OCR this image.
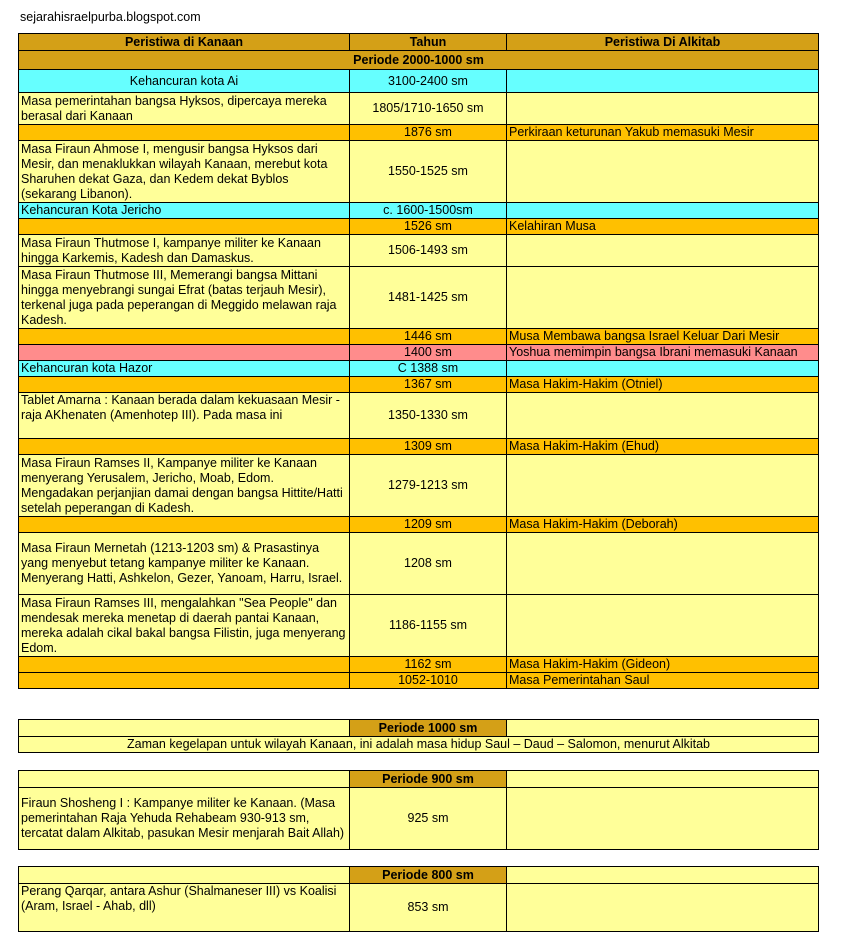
sejarahisraelpurba.blogspot.com
Peristiwa di Kanaan	Tahun	Peristiwa Di Alkitab
Periode 2000-1000 sm		
Kehancuran kota Ai	3100-2400 sm	
Masa pemerintahan bangsa Hyksos, dipercaya mereka berasal dari Kanaan	1805/1710-1650 sm	
	1876 sm	Perkiraan keturunan Yakub memasuki Mesir
Masa Firaun Ahmose I, mengusir bangsa Hyksos dari Mesir, dan menaklukkan wilayah Kanaan, merebut kota Sharuhen dekat Gaza, dan Kedem dekat Byblos (sekarang Libanon).	1550-1525 sm	
Kehancuran Kota Jericho	c. 1600-1500sm	
	1526 sm	Kelahiran Musa
Masa Firaun Thutmose I, kampanye militer ke Kanaan hingga Karkemis, Kadesh dan Damaskus.	1506-1493 sm	
Masa Firaun Thutmose III, Memerangi bangsa Mittani hingga menyebrangi sungai Efrat (batas terjauh Mesir), terkenal juga pada peperangan di Meggido melawan raja Kadesh.	1481-1425 sm	
	1446 sm	Musa Membawa bangsa Israel Keluar Dari Mesir
	1400 sm	Yoshua memimpin bangsa Ibrani memasuki Kanaan
Kehancuran kota Hazor	C 1388 sm	
	1367 sm	Masa Hakim-Hakim (Otniel)
Tablet Amarna : Kanaan berada dalam kekuasaan Mesir - raja AKhenaten (Amenhotep III). Pada masa ini	1350-1330 sm	
	1309 sm	Masa Hakim-Hakim (Ehud)
Masa Firaun Ramses II, Kampanye militer ke Kanaan menyerang Yerusalem, Jericho, Moab, Edom. Mengadakan perjanjian damai dengan bangsa Hittite/Hatti setelah peperangan di Kadesh.	1279-1213 sm	
	1209 sm	Masa Hakim-Hakim (Deborah)
Masa Firaun Mernetah (1213-1203 sm) & Prasastinya yang menyebut tetang kampanye militer ke Kanaan. Menyerang Hatti, Ashkelon, Gezer, Yanoam, Harru, Israel.	1208 sm	
Masa Firaun Ramses III, mengalahkan "Sea People" dan mendesak mereka menetap di daerah pantai Kanaan, mereka adalah cikal bakal bangsa Filistin, juga menyerang Edom.	1186-1155 sm	
	1162 sm	Masa Hakim-Hakim (Gideon)
	1052-1010	Masa Pemerintahan Saul
	Periode 1000 sm	
Zaman kegelapan untuk wilayah Kanaan, ini adalah masa hidup Saul – Daud – Salomon, menurut Alkitab
	Periode 900 sm	
Firaun Shosheng I : Kampanye militer ke Kanaan. (Masa pemerintahan Raja Yehuda Rehabeam 930-913 sm, tercatat dalam Alkitab, pasukan Mesir menjarah Bait Allah)	925 sm	
	Periode 800 sm	
Perang Qarqar, antara Ashur (Shalmaneser III) vs Koalisi (Aram, Israel - Ahab, dll)	853 sm	
